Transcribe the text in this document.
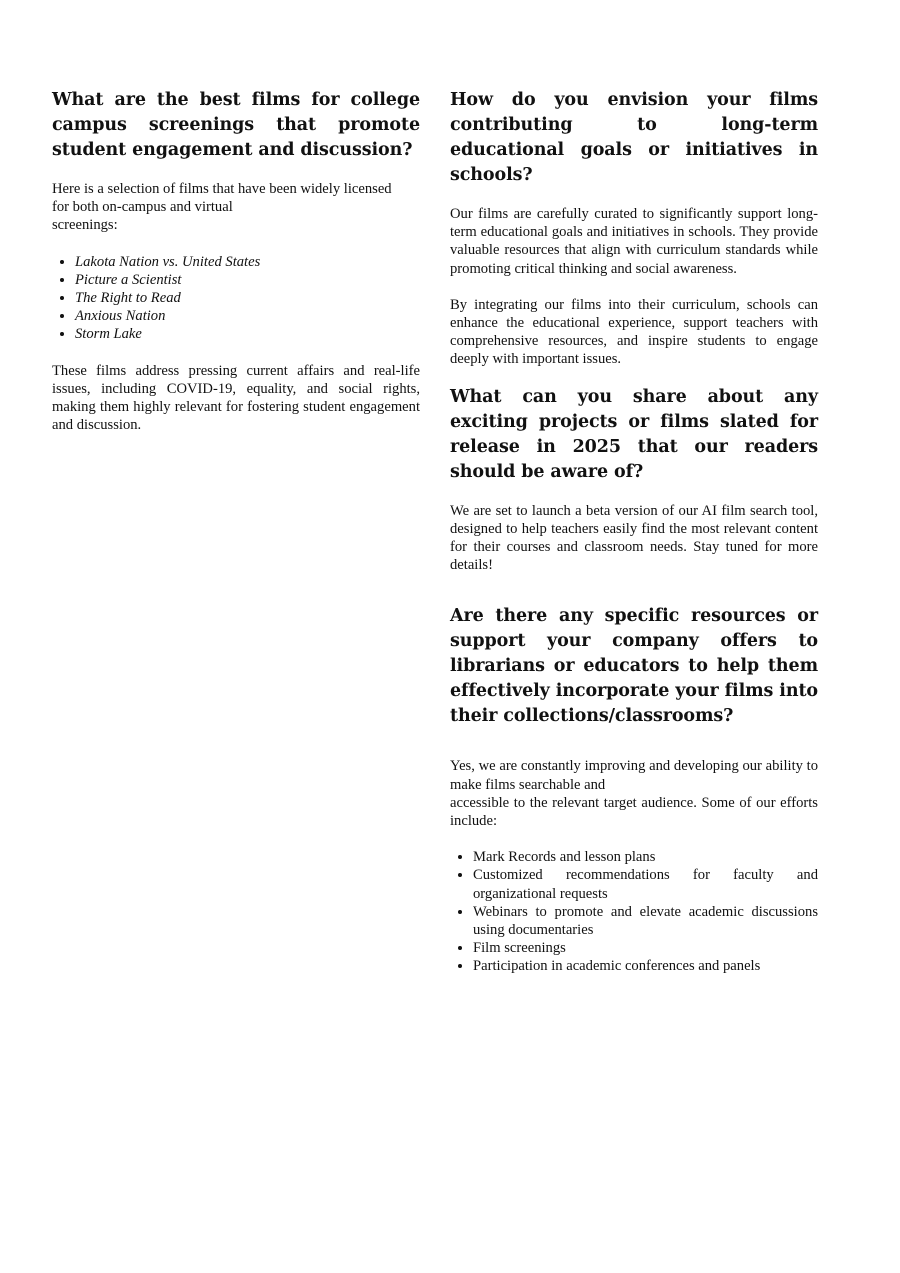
What are the best films for college campus screenings that promote student engagement and discussion?

Here is a selection of films that have been widely licensed
for both on-campus and virtual
screenings:

• Lakota Nation vs. United States
• Picture a Scientist
• The Right to Read
• Anxious Nation
• Storm Lake

These films address pressing current affairs and real-life issues, including COVID-19, equality, and social rights, making them highly relevant for fostering student engagement and discussion.

How do you envision your films contributing to long-term educational goals or initiatives in schools?

Our films are carefully curated to significantly support long-term educational goals and initiatives in schools. They provide valuable resources that align with curriculum standards while promoting critical thinking and social awareness.

By integrating our films into their curriculum, schools can enhance the educational experience, support teachers with comprehensive resources, and inspire students to engage deeply with important issues.

What can you share about any exciting projects or films slated for release in 2025 that our readers should be aware of?

We are set to launch a beta version of our AI film search tool, designed to help teachers easily find the most relevant content for their courses and classroom needs. Stay tuned for more details!

Are there any specific resources or support your company offers to librarians or educators to help them effectively incorporate your films into their collections/classrooms?

Yes, we are constantly improving and developing our ability to make films searchable and
accessible to the relevant target audience. Some of our efforts include:

• Mark Records and lesson plans
• Customized recommendations for faculty and organizational requests
• Webinars to promote and elevate academic discussions using documentaries
• Film screenings
• Participation in academic conferences and panels
